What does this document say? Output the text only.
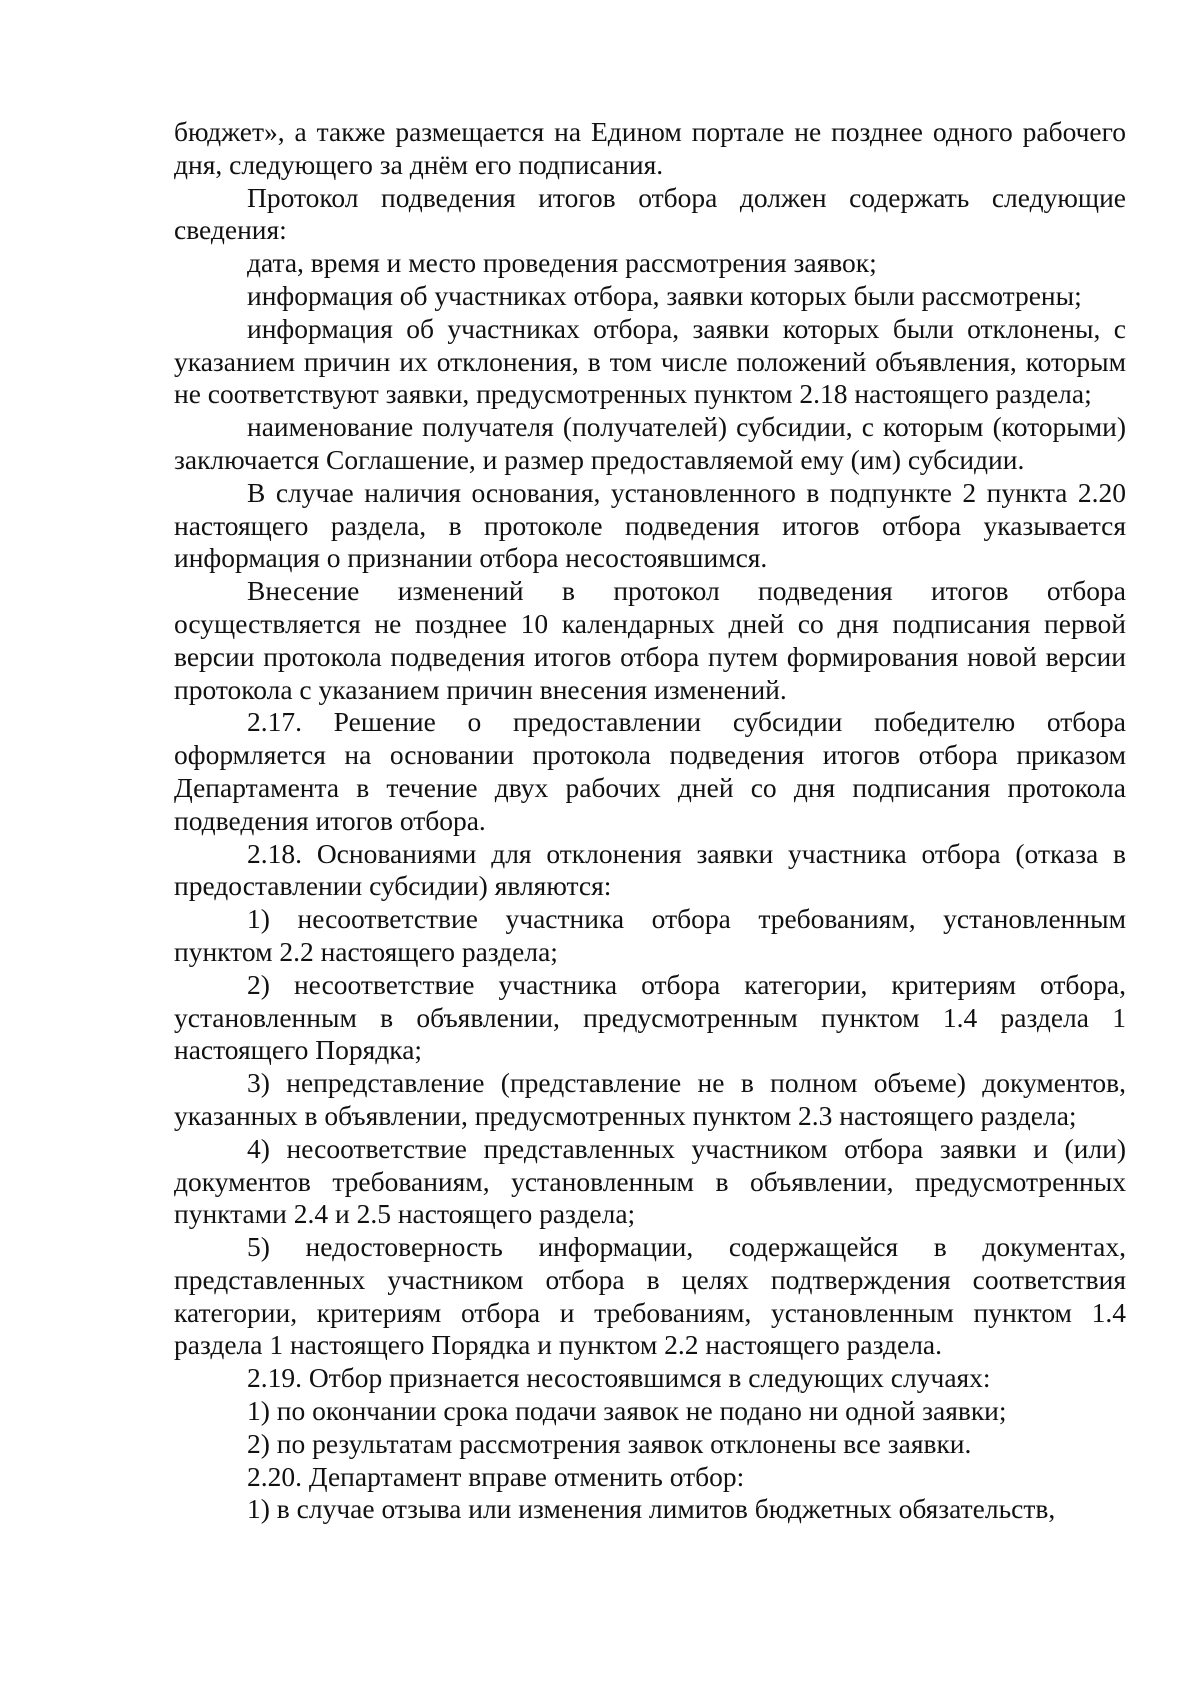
бюджет», а также размещается на Едином портале не позднее одного рабочего дня, следующего за днём его подписания.

Протокол подведения итогов отбора должен содержать следующие сведения:

дата, время и место проведения рассмотрения заявок;

информация об участниках отбора, заявки которых были рассмотрены;

информация об участниках отбора, заявки которых были отклонены, с указанием причин их отклонения, в том числе положений объявления, которым не соответствуют заявки, предусмотренных пунктом 2.18 настоящего раздела;

наименование получателя (получателей) субсидии, с которым (которыми) заключается Соглашение, и размер предоставляемой ему (им) субсидии.

В случае наличия основания, установленного в подпункте 2 пункта 2.20 настоящего раздела, в протоколе подведения итогов отбора указывается информация о признании отбора несостоявшимся.

Внесение изменений в протокол подведения итогов отбора осуществляется не позднее 10 календарных дней со дня подписания первой версии протокола подведения итогов отбора путем формирования новой версии протокола с указанием причин внесения изменений.

2.17. Решение о предоставлении субсидии победителю отбора оформляется на основании протокола подведения итогов отбора приказом Департамента в течение двух рабочих дней со дня подписания протокола подведения итогов отбора.

2.18. Основаниями для отклонения заявки участника отбора (отказа в предоставлении субсидии) являются:

1) несоответствие участника отбора требованиям, установленным пунктом 2.2 настоящего раздела;

2) несоответствие участника отбора категории, критериям отбора, установленным в объявлении, предусмотренным пунктом 1.4 раздела 1 настоящего Порядка;

3) непредставление (представление не в полном объеме) документов, указанных в объявлении, предусмотренных пунктом 2.3 настоящего раздела;

4) несоответствие представленных участником отбора заявки и (или) документов требованиям, установленным в объявлении, предусмотренных пунктами 2.4 и 2.5 настоящего раздела;

5) недостоверность информации, содержащейся в документах, представленных участником отбора в целях подтверждения соответствия категории, критериям отбора и требованиям, установленным пунктом 1.4 раздела 1 настоящего Порядка и пунктом 2.2 настоящего раздела.

2.19. Отбор признается несостоявшимся в следующих случаях:

1) по окончании срока подачи заявок не подано ни одной заявки;

2) по результатам рассмотрения заявок отклонены все заявки.

2.20. Департамент вправе отменить отбор:

1) в случае отзыва или изменения лимитов бюджетных обязательств,
